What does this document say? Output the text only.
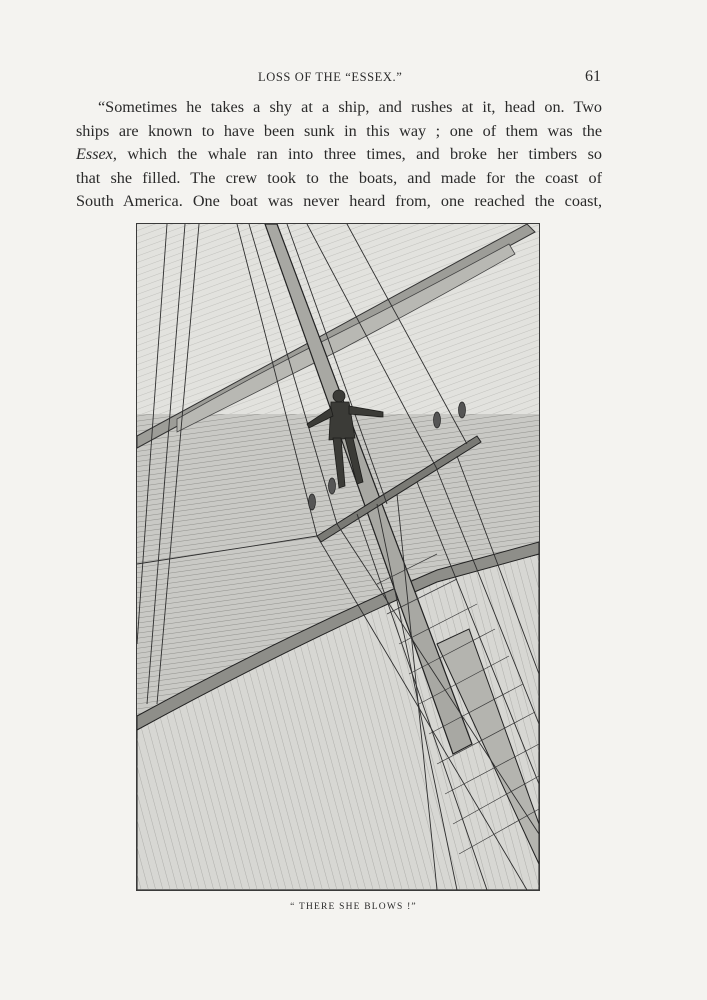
LOSS OF THE “ESSEX.”	61

“Sometimes he takes a shy at a ship, and rushes at it, head on. Two
ships are known to have been sunk in this way ; one of them was the
Essex, which the whale ran into three times, and broke her timbers so
that she filled. The crew took to the boats, and made for the coast of
South America. One boat was never heard from, one reached the coast,

“ THERE SHE BLOWS !”
